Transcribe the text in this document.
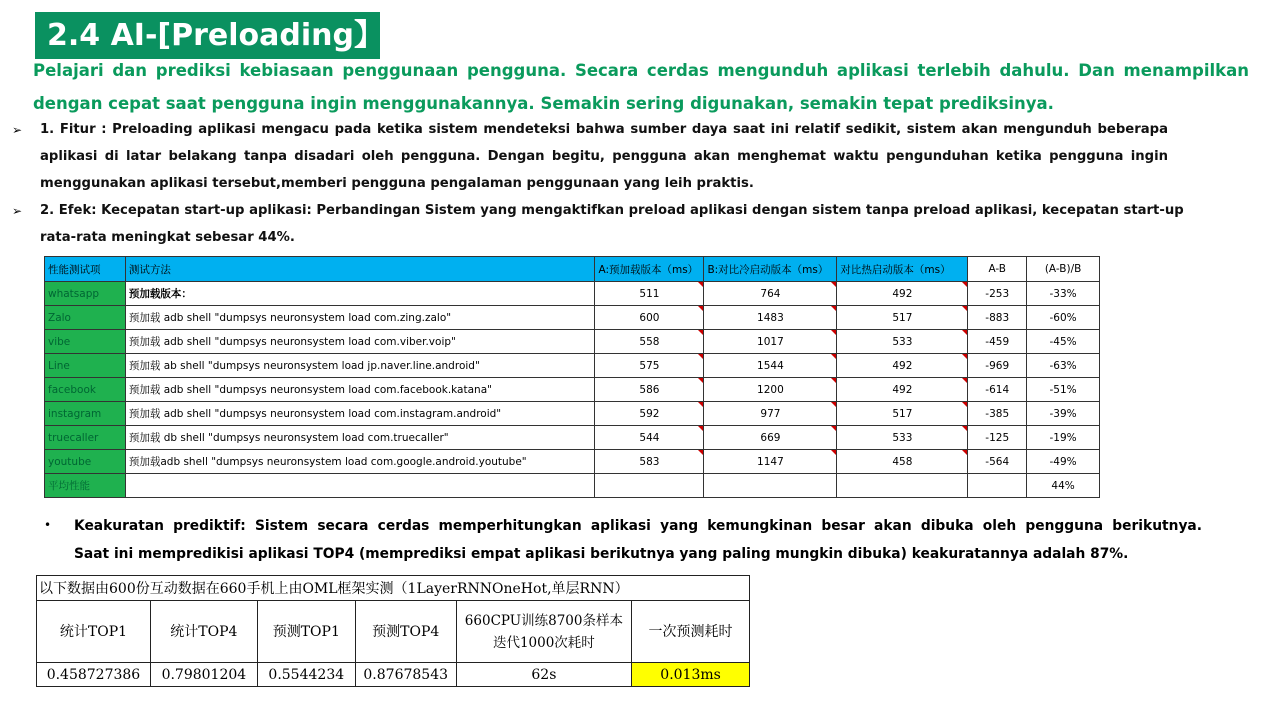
2.4 AI-[Preloading】
Pelajari dan prediksi kebiasaan penggunaan pengguna. Secara cerdas mengunduh aplikasi terlebih dahulu. Dan menampilkan
dengan cepat saat pengguna ingin menggunakannya. Semakin sering digunakan, semakin tepat prediksinya.
➢ 1. Fitur : Preloading aplikasi mengacu pada ketika sistem mendeteksi bahwa sumber daya saat ini relatif sedikit, sistem akan mengunduh beberapa
aplikasi di latar belakang tanpa disadari oleh pengguna. Dengan begitu, pengguna akan menghemat waktu pengunduhan ketika pengguna ingin
menggunakan aplikasi tersebut,memberi pengguna pengalaman penggunaan yang leih praktis.
➢ 2. Efek: Kecepatan start-up aplikasi: Perbandingan Sistem yang mengaktifkan preload aplikasi dengan sistem tanpa preload aplikasi, kecepatan start-up
rata-rata meningkat sebesar 44%.
性能测试项	测试方法	A:预加载版本（ms）	B:对比冷启动版本（ms）	对比热启动版本（ms）	A-B	(A-B)/B
whatsapp	预加载版本：	511	764	492	-253	-33%
Zalo	预加载 adb shell "dumpsys neuronsystem load com.zing.zalo"	600	1483	517	-883	-60%
vibe	预加载 adb shell "dumpsys neuronsystem load com.viber.voip"	558	1017	533	-459	-45%
Line	预加载 ab shell "dumpsys neuronsystem load jp.naver.line.android"	575	1544	492	-969	-63%
facebook	预加载 adb shell "dumpsys neuronsystem load com.facebook.katana"	586	1200	492	-614	-51%
instagram	预加载 adb shell "dumpsys neuronsystem load com.instagram.android"	592	977	517	-385	-39%
truecaller	预加载 db shell "dumpsys neuronsystem load com.truecaller"	544	669	533	-125	-19%
youtube	预加载adb shell "dumpsys neuronsystem load com.google.android.youtube"	583	1147	458	-564	-49%
平均性能						44%
• Keakuratan prediktif: Sistem secara cerdas memperhitungkan aplikasi yang kemungkinan besar akan dibuka oleh pengguna berikutnya.
Saat ini mempredikisi aplikasi TOP4 (memprediksi empat aplikasi berikutnya yang paling mungkin dibuka) keakuratannya adalah 87%.
以下数据由600份互动数据在660手机上由OML框架实测（1LayerRNNOneHot,单层RNN）					
统计TOP1	统计TOP4	预测TOP1	预测TOP4	660CPU训练8700条样本迭代1000次耗时	一次预测耗时
0.458727386	0.79801204	0.5544234	0.87678543	62s	0.013ms
